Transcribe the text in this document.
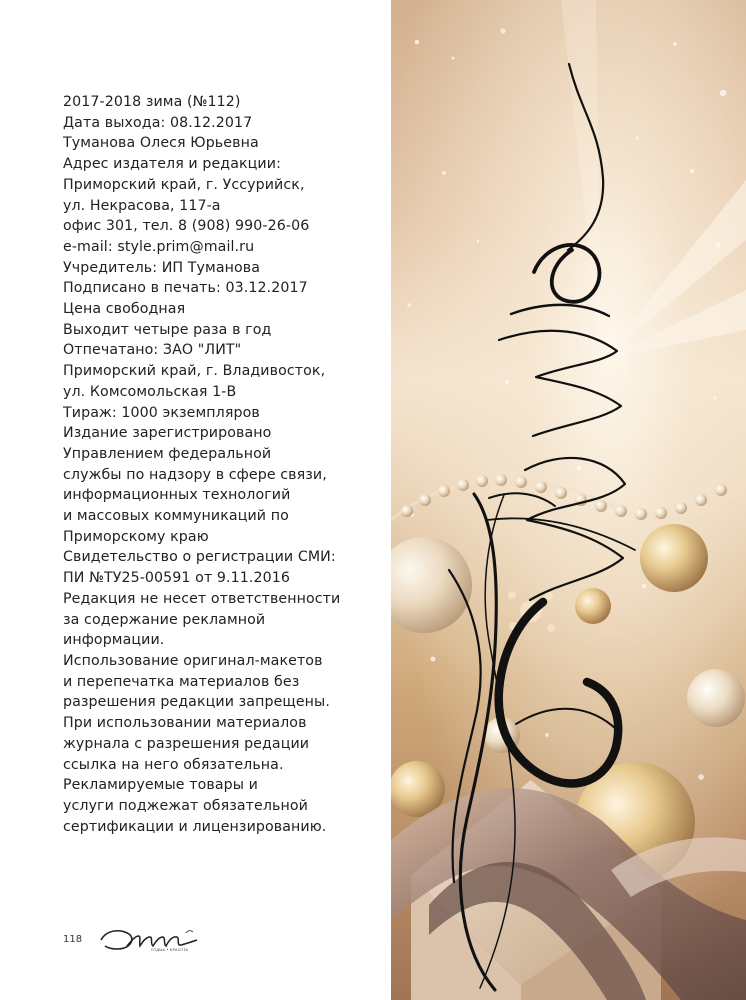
2017-2018 зима (№112)
Дата выхода: 08.12.2017
Туманова Олеся Юрьевна
Адрес издателя и редакции:
Приморский край, г. Уссурийск,
ул. Некрасова, 117-а
офис 301, тел. 8 (908) 990-26-06
e-mail: style.prim@mail.ru
Учредитель: ИП Туманова
Подписано в печать: 03.12.2017
Цена свободная
Выходит четыре раза в год
Отпечатано: ЗАО "ЛИТ"
Приморский край, г. Владивосток,
ул. Комсомольская 1-В
Тираж: 1000 экземпляров
Издание зарегистрировано
Управлением федеральной
службы по надзору в сфере связи,
информационных технологий
и массовых коммуникаций по
Приморскому краю
Свидетельство о регистрации СМИ:
ПИ №ТУ25-00591 от 9.11.2016
Редакция не несет ответственности
за содержание рекламной
информации.
Использование оригинал-макетов
и перепечатка материалов без
разрешения редакции запрещены.
При использовании материалов
журнала с разрешения редации
ссылка на него обязательна.
Рекламируемые товары и
услуги поджежат обязательной
сертификации и лицензированию.
118
ОТДЫХ • КРАСОТА
